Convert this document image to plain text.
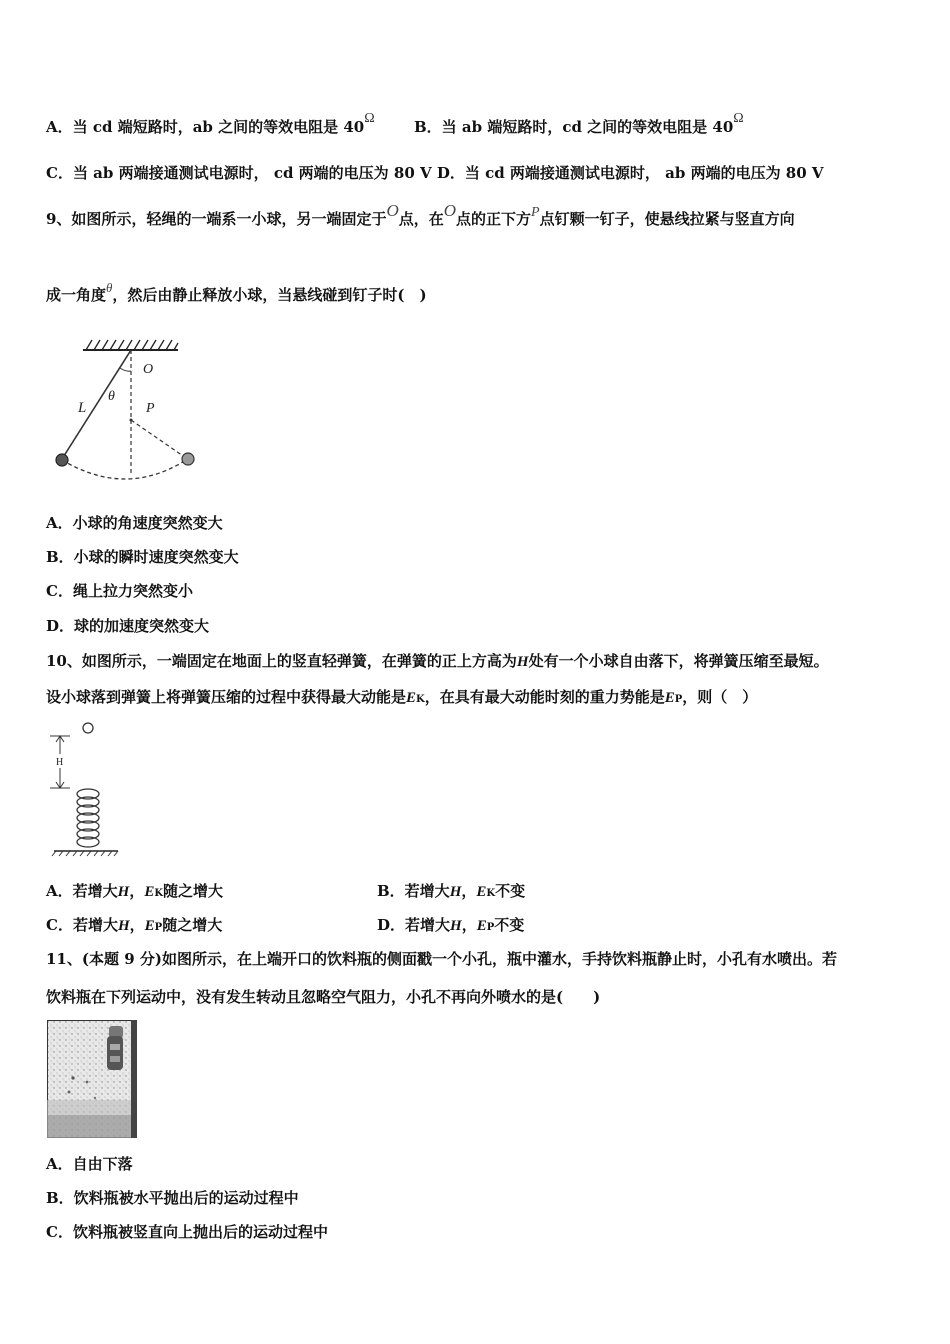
A．当 cd 端短路时，ab 之间的等效电阻是 40Ω	B．当 ab 端短路时，cd 之间的等效电阻是 40Ω
C．当 ab 两端接通测试电源时， cd 两端的电压为 80 V D．当 cd 两端接通测试电源时， ab 两端的电压为 80 V
9、如图所示，轻绳的一端系一小球，另一端固定于O点，在O点的正下方P点钉颗一钉子，使悬线拉紧与竖直方向
成一角度θ，然后由静止释放小球，当悬线碰到钉子时(　)
O
θ
L	P
A．小球的角速度突然变大
B．小球的瞬时速度突然变大
C．绳上拉力突然变小
D．球的加速度突然变大
10、如图所示，一端固定在地面上的竖直轻弹簧，在弹簧的正上方高为H处有一个小球自由落下，将弹簧压缩至最短。
设小球落到弹簧上将弹簧压缩的过程中获得最大动能是EK，在具有最大动能时刻的重力势能是EP，则（　）
H
A．若增大H，EK随之增大	B．若增大H，EK不变
C．若增大H，EP随之增大	D．若增大H，EP不变
11、(本题 9 分)如图所示，在上端开口的饮料瓶的侧面戳一个小孔，瓶中灌水，手持饮料瓶静止时，小孔有水喷出。若
饮料瓶在下列运动中，没有发生转动且忽略空气阻力，小孔不再向外喷水的是(　　)
A．自由下落
B．饮料瓶被水平抛出后的运动过程中
C．饮料瓶被竖直向上抛出后的运动过程中
